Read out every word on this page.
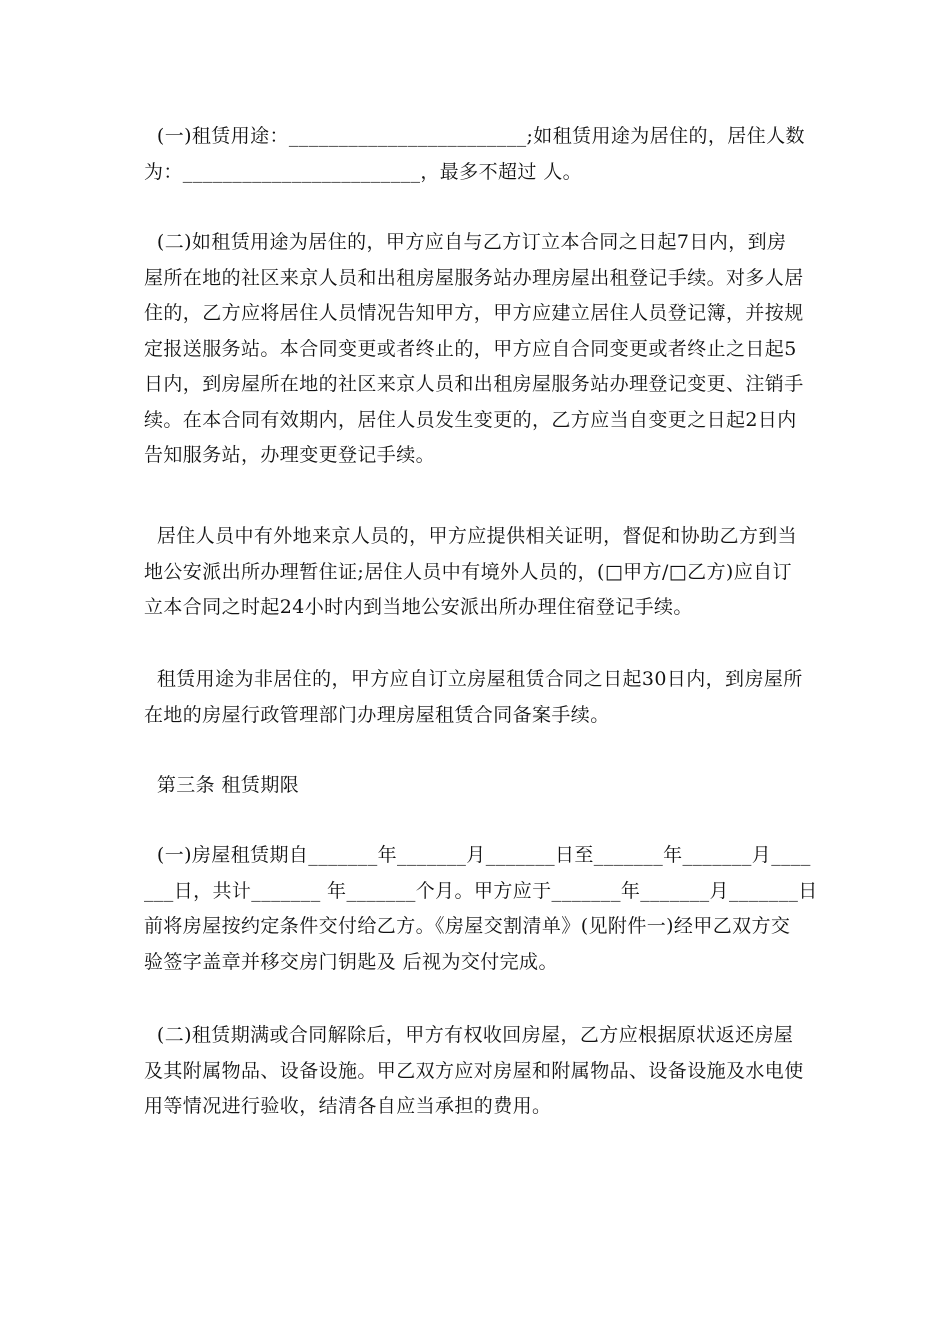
(一)租赁用途：________________________;如租赁用途为居住的，居住人数
为：________________________，最多不超过 人。
(二)如租赁用途为居住的，甲方应自与乙方订立本合同之日起7日内，到房
屋所在地的社区来京人员和出租房屋服务站办理房屋出租登记手续。对多人居
住的，乙方应将居住人员情况告知甲方，甲方应建立居住人员登记簿，并按规
定报送服务站。本合同变更或者终止的，甲方应自合同变更或者终止之日起5
日内，到房屋所在地的社区来京人员和出租房屋服务站办理登记变更、注销手
续。在本合同有效期内，居住人员发生变更的，乙方应当自变更之日起2日内
告知服务站，办理变更登记手续。
居住人员中有外地来京人员的，甲方应提供相关证明，督促和协助乙方到当
地公安派出所办理暂住证;居住人员中有境外人员的，(□甲方/□乙方)应自订
立本合同之时起24小时内到当地公安派出所办理住宿登记手续。
租赁用途为非居住的，甲方应自订立房屋租赁合同之日起30日内，到房屋所
在地的房屋行政管理部门办理房屋租赁合同备案手续。
第三条 租赁期限
(一)房屋租赁期自_______年_______月_______日至_______年_______月____
___日，共计_______ 年_______个月。甲方应于_______年_______月_______日
前将房屋按约定条件交付给乙方。《房屋交割清单》(见附件一)经甲乙双方交
验签字盖章并移交房门钥匙及 后视为交付完成。
(二)租赁期满或合同解除后，甲方有权收回房屋，乙方应根据原状返还房屋
及其附属物品、设备设施。甲乙双方应对房屋和附属物品、设备设施及水电使
用等情况进行验收，结清各自应当承担的费用。
